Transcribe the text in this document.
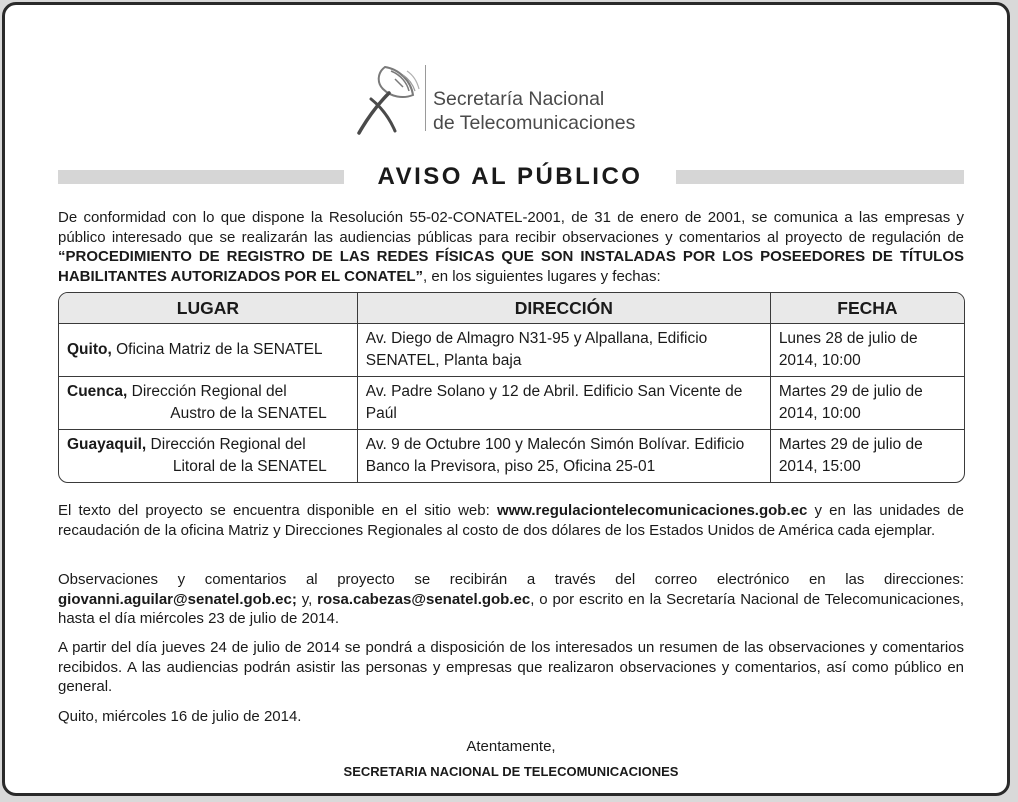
Secretaría Nacional
de Telecomunicaciones
AVISO AL PÚBLICO

De conformidad con lo que dispone la Resolución 55-02-CONATEL-2001, de 31 de enero de 2001, se comunica a las empresas y público interesado que se realizarán las audiencias públicas para recibir observaciones y comentarios al proyecto de regulación de “PROCEDIMIENTO DE REGISTRO DE LAS REDES FÍSICAS QUE SON INSTALADAS POR LOS POSEEDORES DE TÍTULOS HABILITANTES AUTORIZADOS POR EL CONATEL”, en los siguientes lugares y fechas:

LUGAR	DIRECCIÓN	FECHA
Quito, Oficina Matriz de la SENATEL	Av. Diego de Almagro N31-95 y Alpallana, Edificio SENATEL, Planta baja	Lunes 28 de julio de 2014, 10:00
Cuenca, Dirección Regional del
Austro de la SENATEL	Av. Padre Solano y 12 de Abril. Edificio San Vicente de Paúl	Martes 29 de julio de 2014, 10:00
Guayaquil, Dirección Regional del
Litoral de la SENATEL	Av. 9 de Octubre 100 y Malecón Simón Bolívar. Edificio Banco la Previsora, piso 25, Oficina 25-01	Martes 29 de julio de 2014, 15:00

El texto del proyecto se encuentra disponible en el sitio web: www.regulaciontelecomunicaciones.gob.ec y en las unidades de recaudación de la oficina Matriz y Direcciones Regionales al costo de dos dólares de los Estados Unidos de América cada ejemplar.

Observaciones y comentarios al proyecto se recibirán a través del correo electrónico en las direcciones: giovanni.aguilar@senatel.gob.ec; y, rosa.cabezas@senatel.gob.ec, o por escrito en la Secretaría Nacional de Telecomunicaciones, hasta el día miércoles 23 de julio de 2014.

A partir del día jueves 24 de julio de 2014 se pondrá a disposición de los interesados un resumen de las observaciones y comentarios recibidos. A las audiencias podrán asistir las personas y empresas que realizaron observaciones y comentarios, así como público en general.

Quito, miércoles 16 de julio de 2014.

Atentamente,

SECRETARIA NACIONAL DE TELECOMUNICACIONES
